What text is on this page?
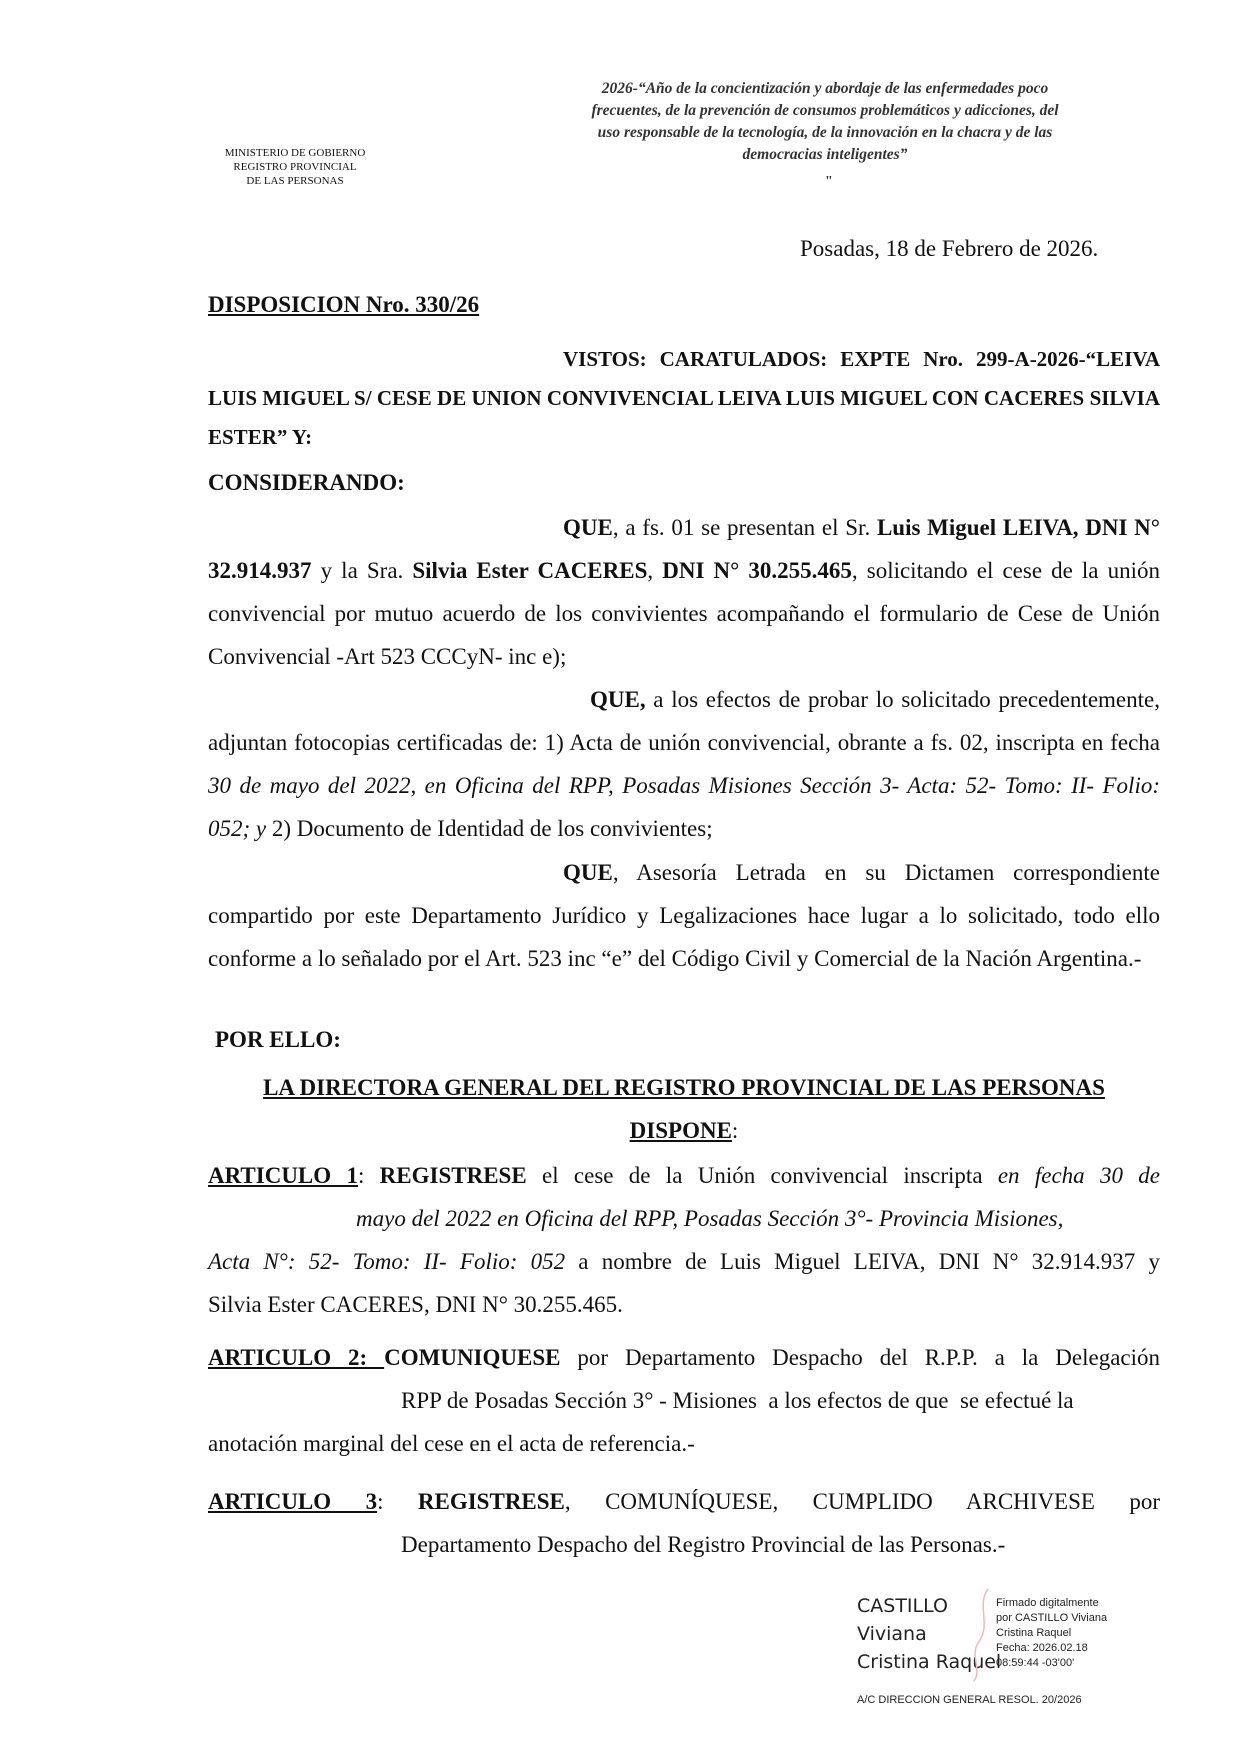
MINISTERIO DE GOBIERNO
REGISTRO PROVINCIAL
DE LAS PERSONAS
2026-“Año de la concientización y abordaje de las enfermedades poco
frecuentes, de la prevención de consumos problemáticos y adicciones, del
uso responsable de la tecnología, de la innovación en la chacra y de las
democracias inteligentes”
"
Posadas, 18 de Febrero de 2026.
DISPOSICION Nro. 330/26
VISTOS: CARATULADOS: EXPTE Nro. 299-A-2026-“LEIVA LUIS MIGUEL S/ CESE DE UNION CONVIVENCIAL LEIVA LUIS MIGUEL CON CACERES SILVIA ESTER” Y:
CONSIDERANDO:
QUE, a fs. 01 se presentan el Sr. Luis Miguel LEIVA, DNI N° 32.914.937 y la Sra. Silvia Ester CACERES, DNI N° 30.255.465, solicitando el cese de la unión convivencial por mutuo acuerdo de los convivientes acompañando el formulario de Cese de Unión Convivencial -Art 523 CCCyN- inc e);
QUE, a los efectos de probar lo solicitado precedentemente, adjuntan fotocopias certificadas de: 1) Acta de unión convivencial, obrante a fs. 02, inscripta en fecha 30 de mayo del 2022, en Oficina del RPP, Posadas Misiones Sección 3- Acta: 52- Tomo: II- Folio: 052; y 2) Documento de Identidad de los convivientes;
QUE, Asesoría Letrada en su Dictamen correspondiente compartido por este Departamento Jurídico y Legalizaciones hace lugar a lo solicitado, todo ello conforme a lo señalado por el Art. 523 inc “e” del Código Civil y Comercial de la Nación Argentina.-
POR ELLO:
LA DIRECTORA GENERAL DEL REGISTRO PROVINCIAL DE LAS PERSONAS
DISPONE:
ARTICULO 1: REGISTRESE el cese de la Unión convivencial inscripta en fecha 30 de
mayo del 2022 en Oficina del RPP, Posadas Sección 3°- Provincia Misiones,
Acta N°: 52- Tomo: II- Folio: 052 a nombre de Luis Miguel LEIVA, DNI N° 32.914.937 y
Silvia Ester CACERES, DNI N° 30.255.465.
ARTICULO 2: COMUNIQUESE por Departamento Despacho del R.P.P. a la Delegación
RPP de Posadas Sección 3° - Misiones  a los efectos de que  se efectué la
anotación marginal del cese en el acta de referencia.-
ARTICULO 3: REGISTRESE, COMUNÍQUESE, CUMPLIDO ARCHIVESE por
Departamento Despacho del Registro Provincial de las Personas.-
CASTILLO
Viviana
Cristina Raquel
Firmado digitalmente
por CASTILLO Viviana
Cristina Raquel
Fecha: 2026.02.18
08:59:44 -03'00'
A/C DIRECCION GENERAL RESOL. 20/2026
